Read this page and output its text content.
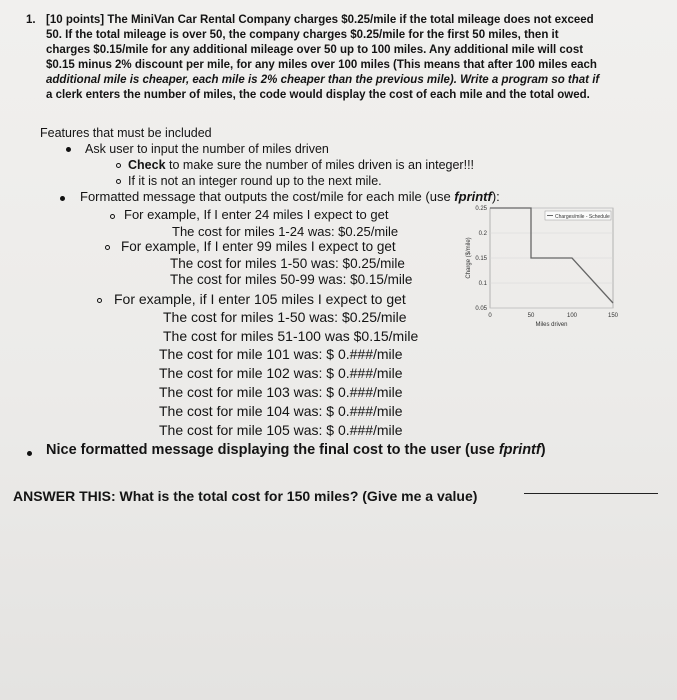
1. [10 points] The MiniVan Car Rental Company charges $0.25/mile if the total mileage does not exceed
50. If the total mileage is over 50, the company charges $0.25/mile for the first 50 miles, then it
charges $0.15/mile for any additional mileage over 50 up to 100 miles. Any additional mile will cost
$0.15 minus 2% discount per mile, for any miles over 100 miles (This means that after 100 miles each
additional mile is cheaper, each mile is 2% cheaper than the previous mile). Write a program so that if
a clerk enters the number of miles, the code would display the cost of each mile and the total owed.
Features that must be included
Ask user to input the number of miles driven
Check to make sure the number of miles driven is an integer!!!
If it is not an integer round up to the next mile.
Formatted message that outputs the cost/mile for each mile (use fprintf):
For example, If I enter 24 miles I expect to get
The cost for miles 1-24 was: $0.25/mile
For example, If I enter 99 miles I expect to get
The cost for miles 1-50 was: $0.25/mile
The cost for miles 50-99 was: $0.15/mile
For example, if I enter 105 miles I expect to get
The cost for miles 1-50 was: $0.25/mile
The cost for miles 51-100 was $0.15/mile
The cost for mile 101 was: $ 0.###/mile
The cost for mile 102 was: $ 0.###/mile
The cost for mile 103 was: $ 0.###/mile
The cost for mile 104 was: $ 0.###/mile
The cost for mile 105 was: $ 0.###/mile
Nice formatted message displaying the final cost to the user (use fprintf)
ANSWER THIS: What is the total cost for 150 miles? (Give me a value)
0.05
0.1
0.15
0.2
0.25
0	50	100	150
Miles driven
Charge ($/mile)
Charges/mile - Schedule
